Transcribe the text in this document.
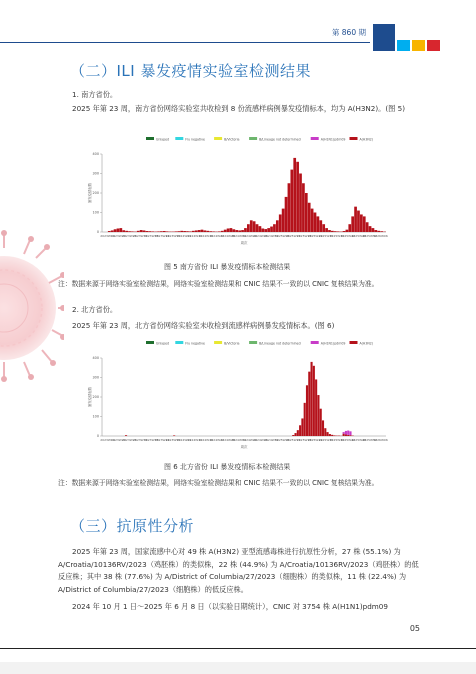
第 860 期
（二）ILI 暴发疫情实验室检测结果
1. 南方省份。
2025 年第 23 周，南方省份网络实验室共收检到 8 份流感样病例暴发疫情标本，均为 A(H3N2)。(图 5)
Unlyped	Flu negative	B/Victoria	B/Lineage not determined	A(H1N1)pdm09	A(H3N2)
0
100
200
300
400
暴发疫情起数
2023W14
2023W20
2023W26
2023W32
2023W38
2023W44
2023W50
2024W04
2024W10
2024W16
2024W22
2024W28
2024W34
2024W40
2024W46
2024W52
2025W06
2025W12
2025W18
2025W24
2025W30
2025W36
2025W42
2025W48
2025W52
2026W06
周次
图 5 南方省份 ILI 暴发疫情标本检测结果
注：数据来源于网络实验室检测结果，网络实验室检测结果和 CNIC 结果不一致的以 CNIC 复核结果为准。
2. 北方省份。
2025 年第 23 周，北方省份网络实验室未收检到流感样病例暴发疫情标本。(图 6)
Unlyped	Flu negative	B/Victoria	B/Lineage not determined	A(H1N1)pdm09	A(H3N2)
0
100
200
300
400
暴发疫情起数
2023W14
2023W20
2023W26
2023W32
2023W38
2023W44
2023W50
2024W04
2024W10
2024W16
2024W22
2024W28
2024W34
2024W40
2024W46
2024W52
2025W06
2025W12
2025W18
2025W24
2025W30
2025W36
2025W42
2025W48
2025W52
2026W06
周次
图 6 北方省份 ILI 暴发疫情标本检测结果
注：数据来源于网络实验室检测结果，网络实验室检测结果和 CNIC 结果不一致的以 CNIC 复核结果为准。
（三）抗原性分析
2025 年第 23 周，国家流感中心对 49 株 A(H3N2) 亚型流感毒株进行抗原性分析，27 株 (55.1%) 为 A/Croatia/10136RV/2023（鸡胚株）的类似株，22 株 (44.9%) 为 A/Croatia/10136RV/2023（鸡胚株）的低反应株；其中 38 株 (77.6%) 为 A/District of Columbia/27/2023（细胞株）的类似株，11 株 (22.4%) 为 A/District of Columbia/27/2023（细胞株）的低反应株。
2024 年 10 月 1 日～2025 年 6 月 8 日（以实验日期统计），CNIC 对 3754 株 A(H1N1)pdm09
05
